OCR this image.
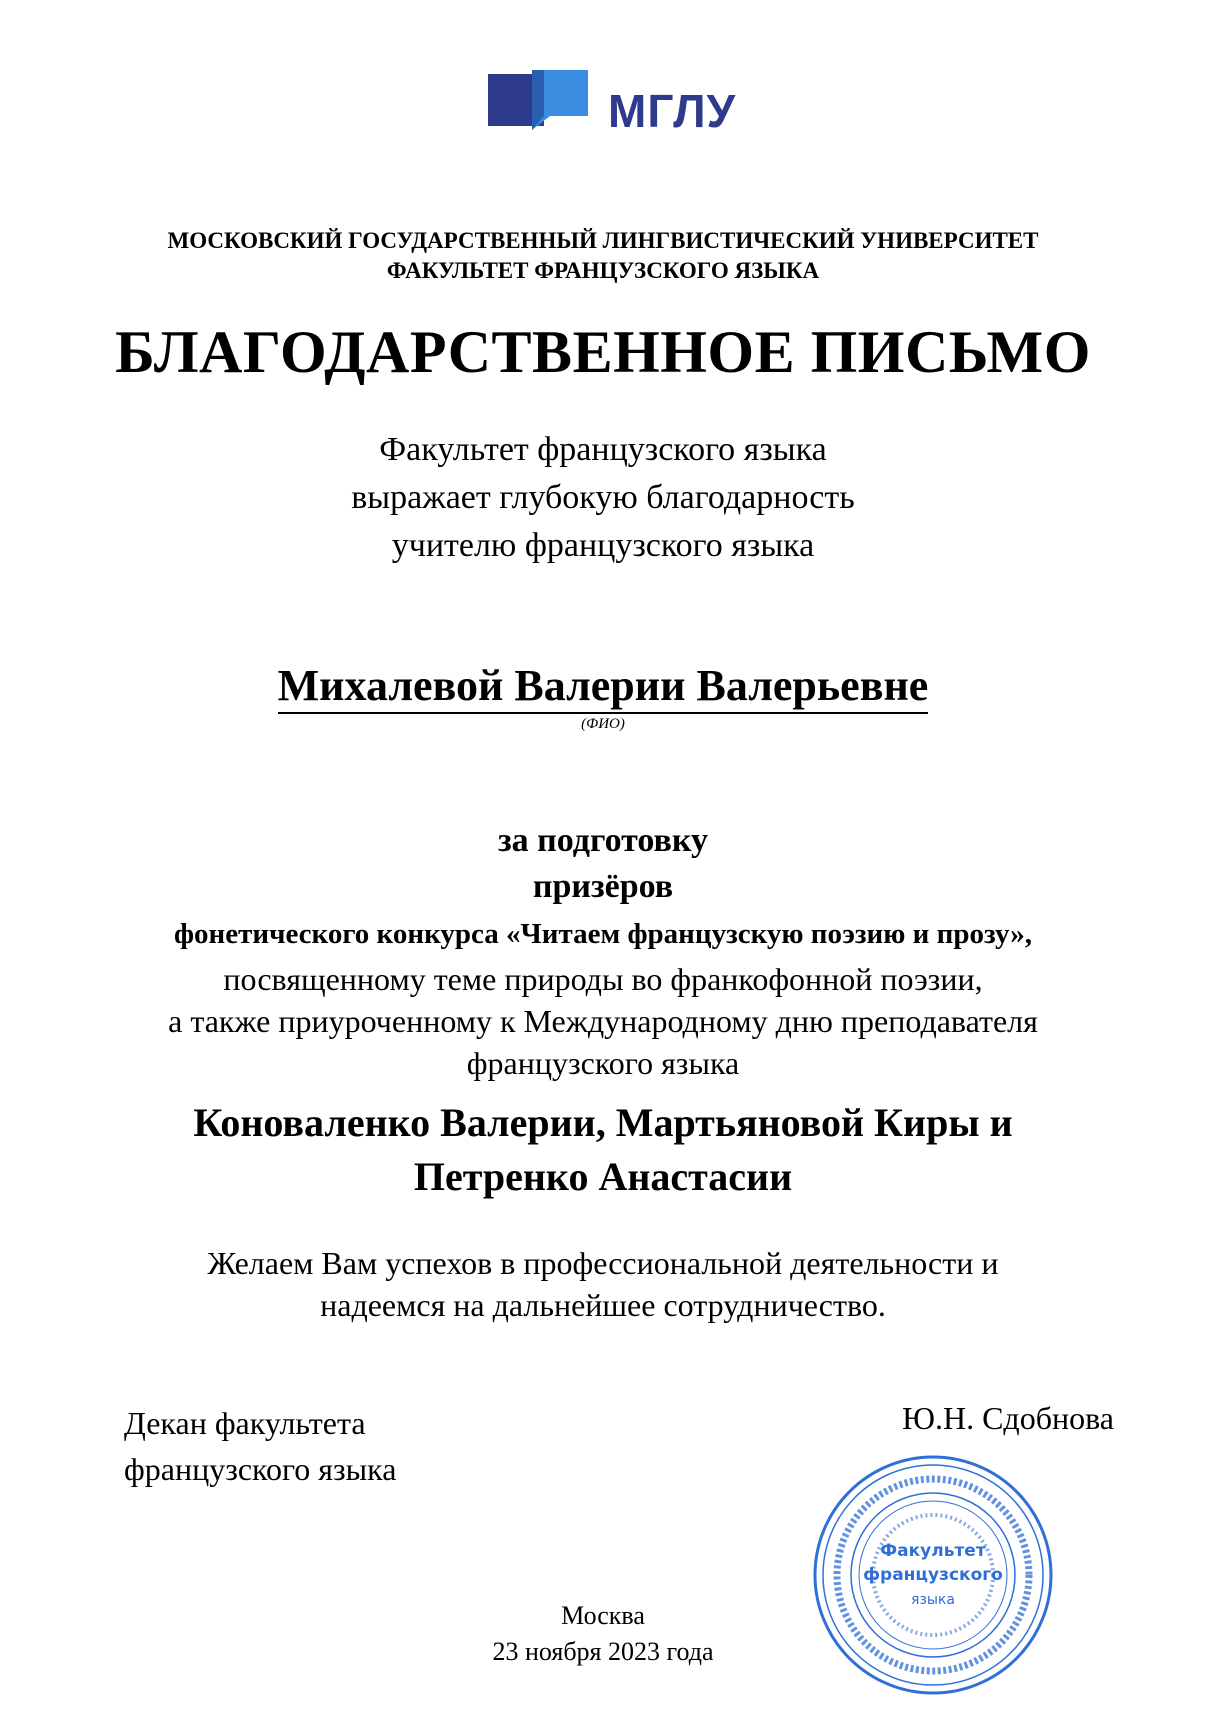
МГЛУ
МОСКОВСКИЙ ГОСУДАРСТВЕННЫЙ ЛИНГВИСТИЧЕСКИЙ УНИВЕРСИТЕТ
ФАКУЛЬТЕТ ФРАНЦУЗСКОГО ЯЗЫКА
БЛАГОДАРСТВЕННОЕ ПИСЬМО
Факультет французского языка
выражает глубокую благодарность
учителю французского языка
Михалевой Валерии Валерьевне
(ФИО)
за подготовку
призёров
фонетического конкурса «Читаем французскую поэзию и прозу»,
посвященному теме природы во франкофонной поэзии,
а также приуроченному к Международному дню преподавателя
французского языка
Коноваленко Валерии, Мартьяновой Киры и
Петренко Анастасии
Желаем Вам успехов в профессиональной деятельности и
надеемся на дальнейшее сотрудничество.
Декан факультета
французского языка
Ю.Н. Сдобнова
Факультет
французского
языка
Москва
23 ноября 2023 года
